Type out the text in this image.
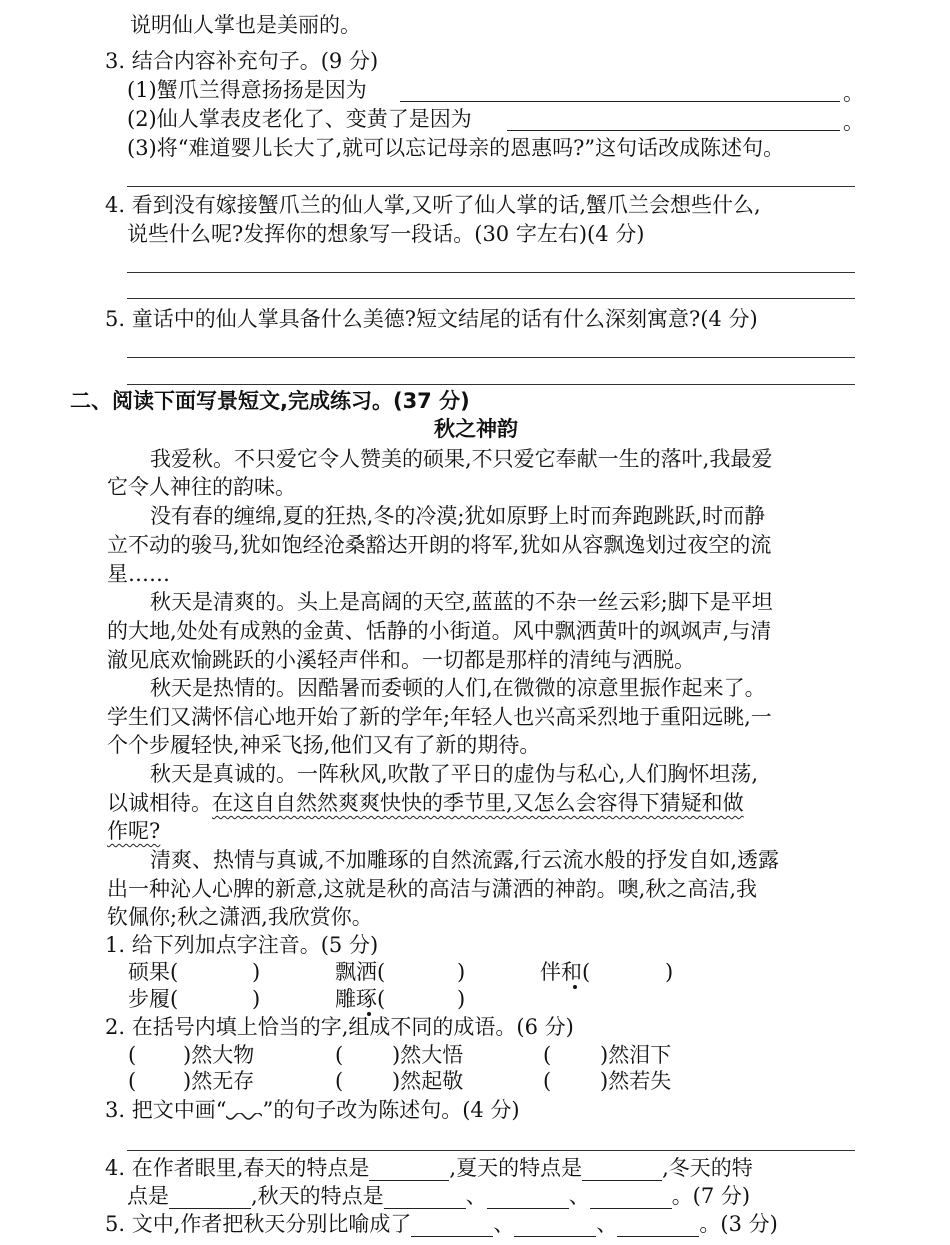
说明仙人掌也是美丽的。
3. 结合内容补充句子。(9 分)
(1)蟹爪兰得意扬扬是因为	。
(2)仙人掌表皮老化了、变黄了是因为	。
(3)将“难道婴儿长大了,就可以忘记母亲的恩惠吗?”这句话改成陈述句。
4. 看到没有嫁接蟹爪兰的仙人掌,又听了仙人掌的话,蟹爪兰会想些什么,
说些什么呢?发挥你的想象写一段话。(30 字左右)(4 分)
5. 童话中的仙人掌具备什么美德?短文结尾的话有什么深刻寓意?(4 分)
二、阅读下面写景短文,完成练习。(37 分)
秋之神韵
我爱秋。不只爱它令人赞美的硕果,不只爱它奉献一生的落叶,我最爱
它令人神往的韵味。
没有春的缠绵,夏的狂热,冬的冷漠;犹如原野上时而奔跑跳跃,时而静
立不动的骏马,犹如饱经沧桑豁达开朗的将军,犹如从容飘逸划过夜空的流
星……
秋天是清爽的。头上是高阔的天空,蓝蓝的不杂一丝云彩;脚下是平坦
的大地,处处有成熟的金黄、恬静的小街道。风中飘洒黄叶的飒飒声,与清
澈见底欢愉跳跃的小溪轻声伴和。一切都是那样的清纯与洒脱。
秋天是热情的。因酷暑而委顿的人们,在微微的凉意里振作起来了。
学生们又满怀信心地开始了新的学年;年轻人也兴高采烈地于重阳远眺,一
个个步履轻快,神采飞扬,他们又有了新的期待。
秋天是真诚的。一阵秋风,吹散了平日的虚伪与私心,人们胸怀坦荡,
以诚相待。在这自自然然爽爽快快的季节里,又怎么会容得下猜疑和做
作呢?
清爽、热情与真诚,不加雕琢的自然流露,行云流水般的抒发自如,透露
出一种沁人心脾的新意,这就是秋的高洁与潇洒的神韵。噢,秋之高洁,我
钦佩你;秋之潇洒,我欣赏你。
1. 给下列加点字注音。(5 分)
硕果(	)	飘洒(	)	伴和(	)
步履(	)	雕琢(	)
2. 在括号内填上恰当的字,组成不同的成语。(6 分)
( )然大物	( )然大悟	( )然泪下
( )然无存	( )然起敬	( )然若失
3. 把文中画“ ”的句子改为陈述句。(4 分)
4. 在作者眼里,春天的特点是	,夏天的特点是	,冬天的特
点是	,秋天的特点是	、	、	。(7 分)
5. 文中,作者把秋天分别比喻成了	、	、	。(3 分)
